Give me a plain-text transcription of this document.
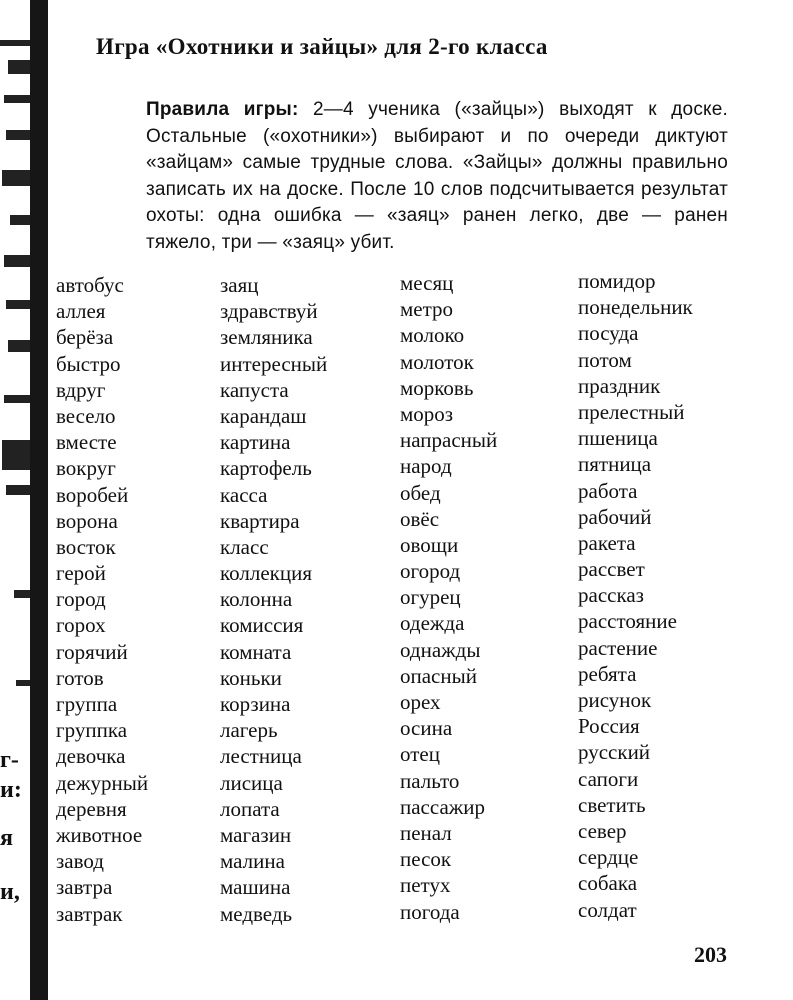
г-
и:
я
и,
Игра «Охотники и зайцы» для 2-го класса

Правила игры: 2—4 ученика («зайцы») выходят к доске. Остальные («охотники») выбирают и по очереди диктуют «зайцам» самые трудные слова. «Зайцы» должны правильно записать их на доске. После 10 слов подсчитывается результат охоты: одна ошибка — «заяц» ранен легко, две — ранен тяжело, три — «заяц» убит.

автобус
аллея
берёза
быстро
вдруг
весело
вместе
вокруг
воробей
ворона
восток
герой
город
горох
горячий
готов
группа
группка
девочка
дежурный
деревня
животное
завод
завтра
завтрак
заяц
здравствуй
земляника
интересный
капуста
карандаш
картина
картофель
касса
квартира
класс
коллекция
колонна
комиссия
комната
коньки
корзина
лагерь
лестница
лисица
лопата
магазин
малина
машина
медведь
месяц
метро
молоко
молоток
морковь
мороз
напрасный
народ
обед
овёс
овощи
огород
огурец
одежда
однажды
опасный
орех
осина
отец
пальто
пассажир
пенал
песок
петух
погода
помидор
понедельник
посуда
потом
праздник
прелестный
пшеница
пятница
работа
рабочий
ракета
рассвет
рассказ
расстояние
растение
ребята
рисунок
Россия
русский
сапоги
светить
север
сердце
собака
солдат
203
